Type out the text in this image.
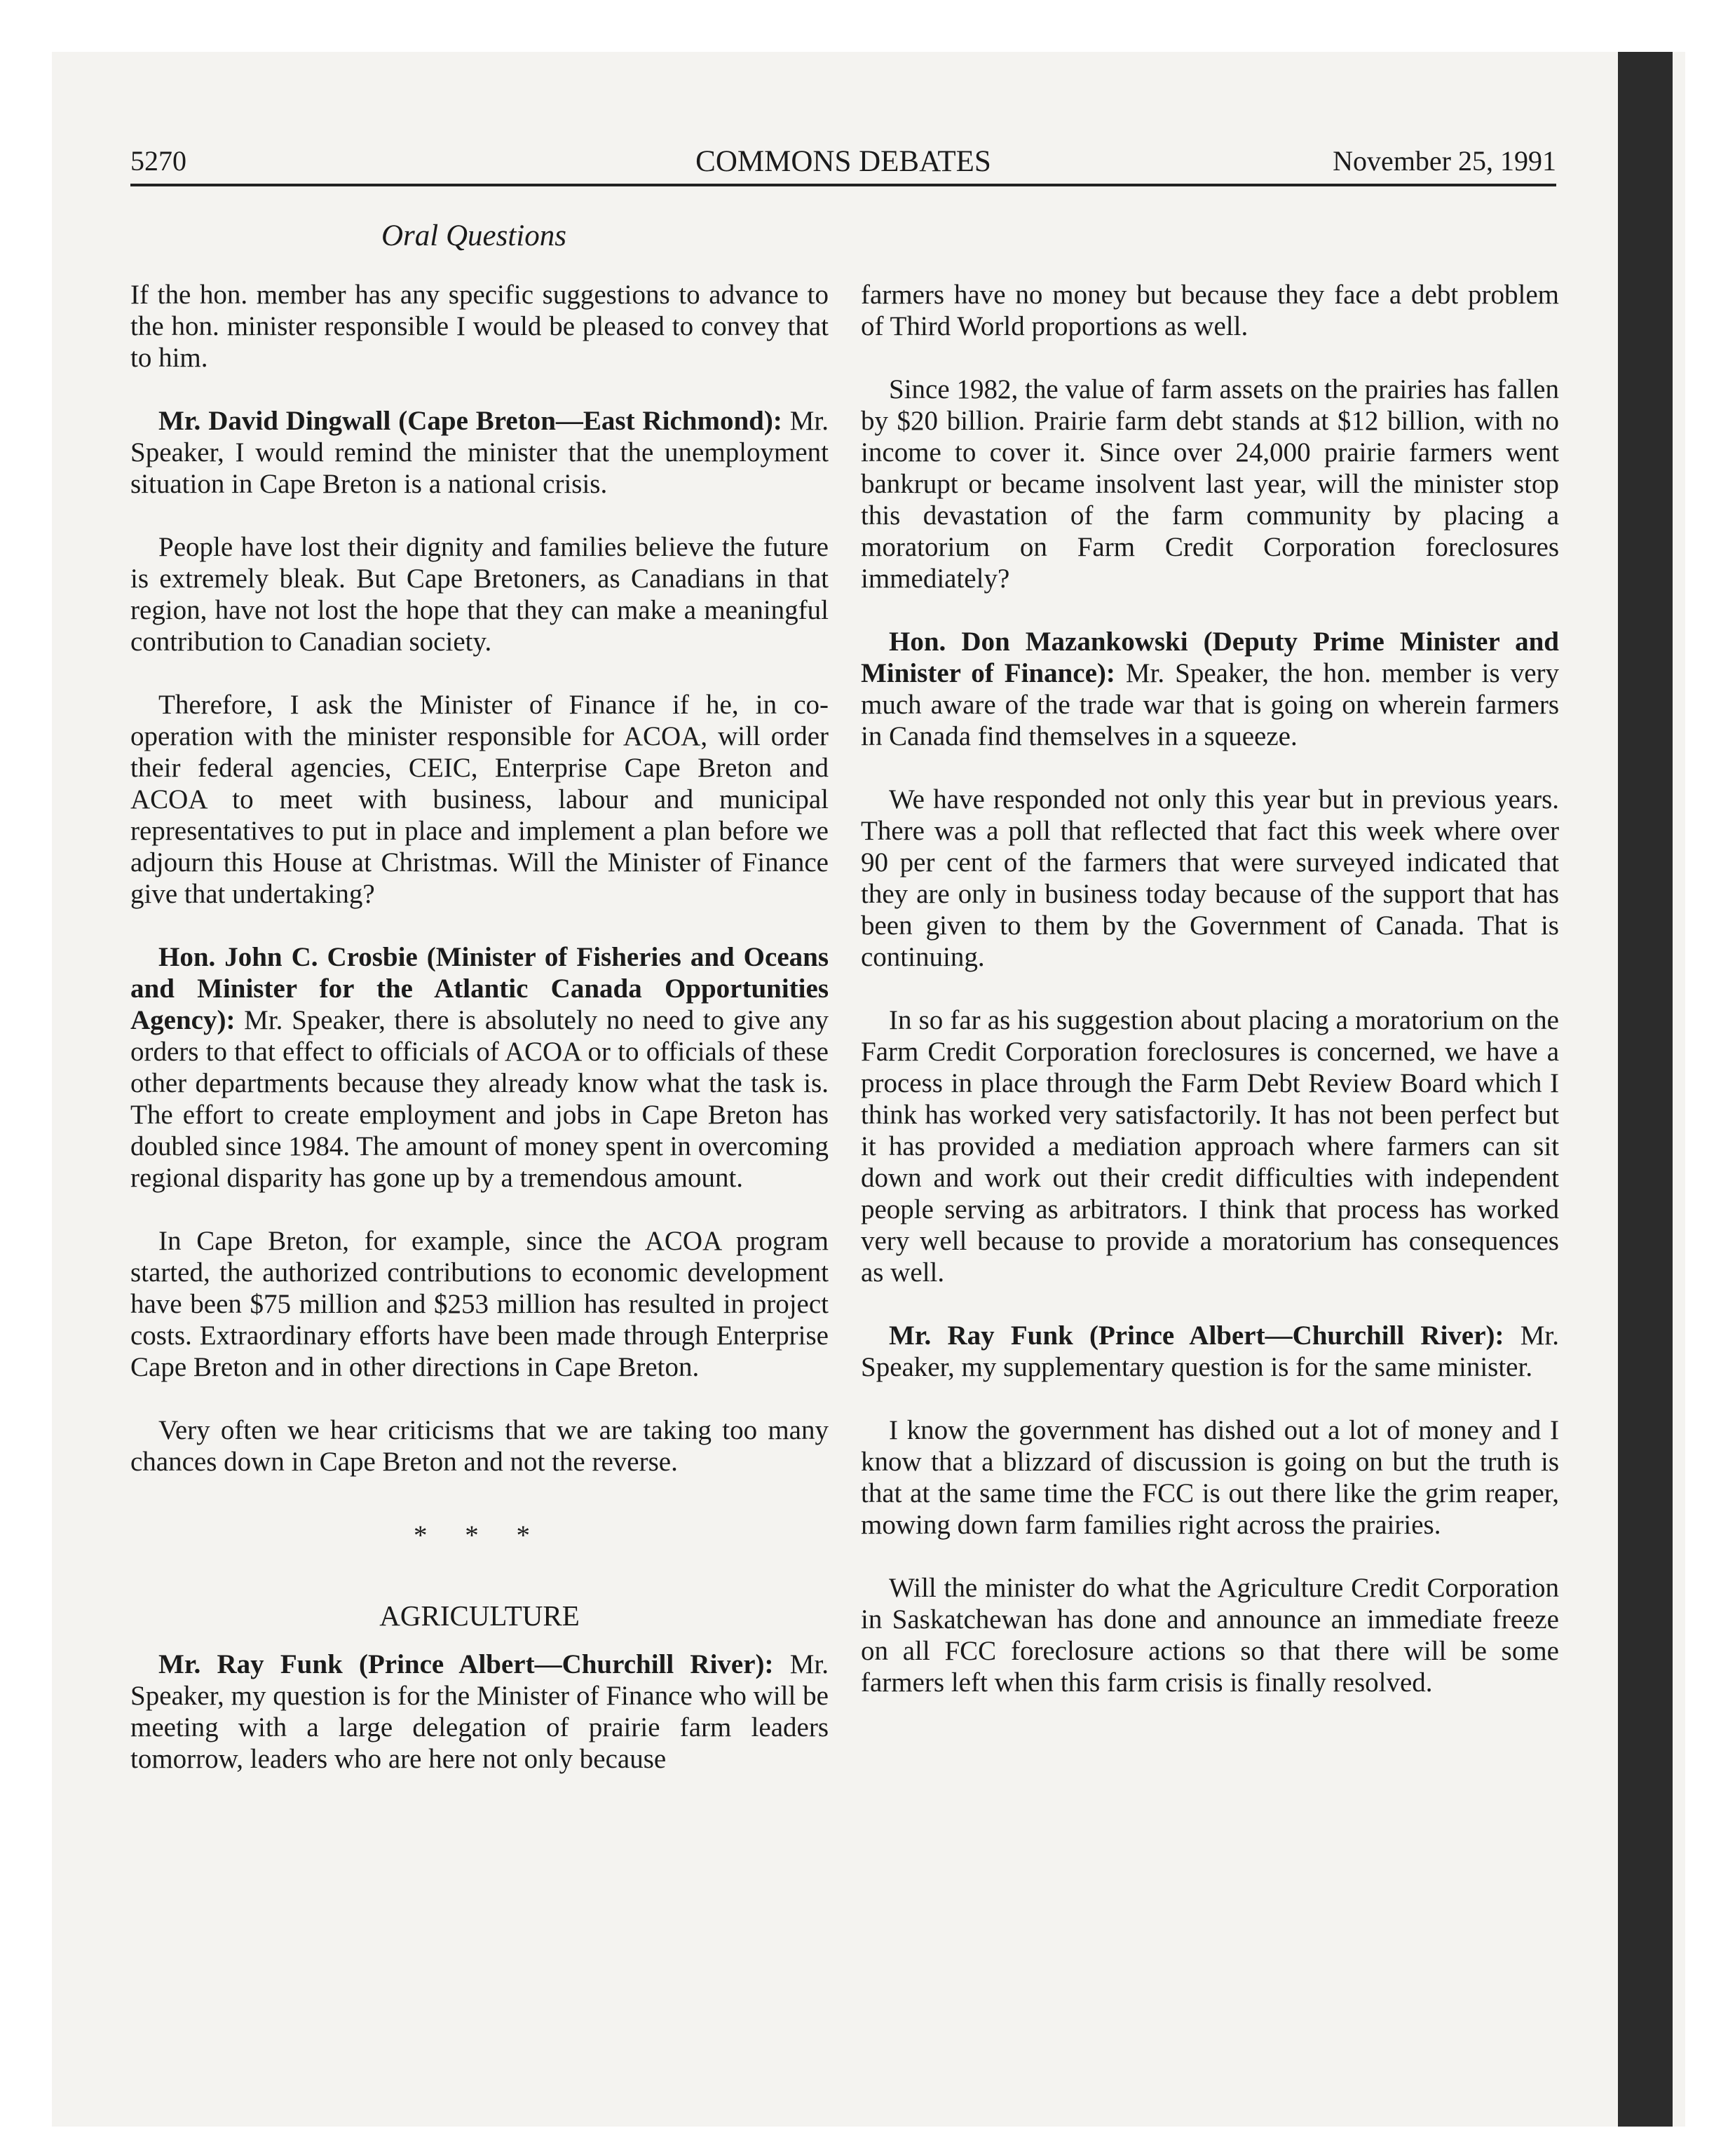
5270	COMMONS DEBATES	November 25, 1991
Oral Questions

If the hon. member has any specific suggestions to advance to the hon. minister responsible I would be pleased to convey that to him.

Mr. David Dingwall (Cape Breton—East Richmond): Mr. Speaker, I would remind the minister that the unemployment situation in Cape Breton is a national crisis.

People have lost their dignity and families believe the future is extremely bleak. But Cape Bretoners, as Canadians in that region, have not lost the hope that they can make a meaningful contribution to Canadian society.

Therefore, I ask the Minister of Finance if he, in co-operation with the minister responsible for ACOA, will order their federal agencies, CEIC, Enterprise Cape Breton and ACOA to meet with business, labour and municipal representatives to put in place and implement a plan before we adjourn this House at Christmas. Will the Minister of Finance give that undertaking?

Hon. John C. Crosbie (Minister of Fisheries and Oceans and Minister for the Atlantic Canada Opportunities Agency): Mr. Speaker, there is absolutely no need to give any orders to that effect to officials of ACOA or to officials of these other departments because they already know what the task is. The effort to create employment and jobs in Cape Breton has doubled since 1984. The amount of money spent in overcoming regional disparity has gone up by a tremendous amount.

In Cape Breton, for example, since the ACOA program started, the authorized contributions to economic development have been $75 million and $253 million has resulted in project costs. Extraordinary efforts have been made through Enterprise Cape Breton and in other directions in Cape Breton.

Very often we hear criticisms that we are taking too many chances down in Cape Breton and not the reverse.

* * *
AGRICULTURE

Mr. Ray Funk (Prince Albert—Churchill River): Mr. Speaker, my question is for the Minister of Finance who will be meeting with a large delegation of prairie farm leaders tomorrow, leaders who are here not only because

farmers have no money but because they face a debt problem of Third World proportions as well.

Since 1982, the value of farm assets on the prairies has fallen by $20 billion. Prairie farm debt stands at $12 billion, with no income to cover it. Since over 24,000 prairie farmers went bankrupt or became insolvent last year, will the minister stop this devastation of the farm community by placing a moratorium on Farm Credit Corporation foreclosures immediately?

Hon. Don Mazankowski (Deputy Prime Minister and Minister of Finance): Mr. Speaker, the hon. member is very much aware of the trade war that is going on wherein farmers in Canada find themselves in a squeeze.

We have responded not only this year but in previous years. There was a poll that reflected that fact this week where over 90 per cent of the farmers that were surveyed indicated that they are only in business today because of the support that has been given to them by the Government of Canada. That is continuing.

In so far as his suggestion about placing a moratorium on the Farm Credit Corporation foreclosures is concerned, we have a process in place through the Farm Debt Review Board which I think has worked very satisfactorily. It has not been perfect but it has provided a mediation approach where farmers can sit down and work out their credit difficulties with independent people serving as arbitrators. I think that process has worked very well because to provide a moratorium has consequences as well.

Mr. Ray Funk (Prince Albert—Churchill River): Mr. Speaker, my supplementary question is for the same minister.

I know the government has dished out a lot of money and I know that a blizzard of discussion is going on but the truth is that at the same time the FCC is out there like the grim reaper, mowing down farm families right across the prairies.

Will the minister do what the Agriculture Credit Corporation in Saskatchewan has done and announce an immediate freeze on all FCC foreclosure actions so that there will be some farmers left when this farm crisis is finally resolved.
